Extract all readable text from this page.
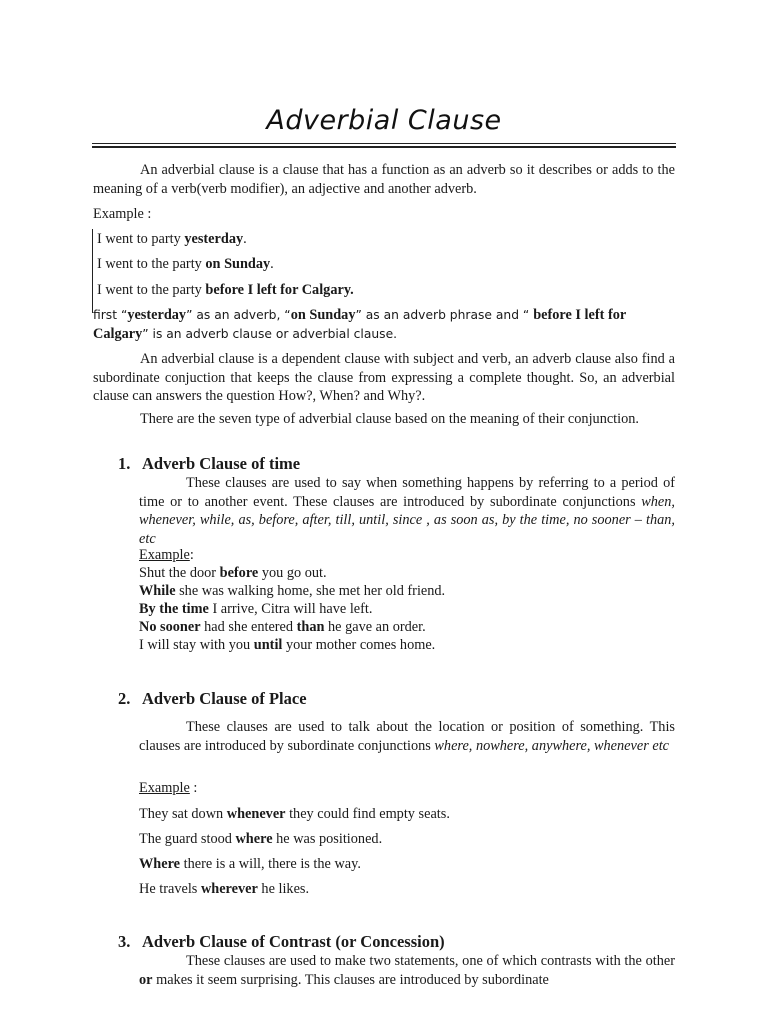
Adverbial Clause
An adverbial clause is a clause that has a function as an adverb so it describes or adds to the meaning of a verb(verb modifier), an adjective and another adverb.
Example :
I went to party yesterday.
I went to the party on Sunday.
I went to the party before I left for Calgary.
first “yesterday” as an adverb, “on Sunday” as an adverb phrase and “ before I left for Calgary” is an adverb clause or adverbial clause.
An adverbial clause is a dependent clause with subject and verb, an adverb clause also find a subordinate conjuction that keeps the clause from expressing a complete thought. So, an adverbial clause can answers the question How?, When? and Why?.
There are the seven type of adverbial clause based on the meaning of their conjunction.
1. Adverb Clause of time
These clauses are used to say when something happens by referring to a period of time or to another event. These clauses are introduced by subordinate conjunctions when, whenever, while, as, before, after, till, until, since , as soon as, by the time, no sooner – than, etc
Example:
Shut the door before you go out.
While she was walking home, she met her old friend.
By the time I arrive, Citra will have left.
No sooner had she entered than he gave an order.
I will stay with you until your mother comes home.
2. Adverb Clause of Place
These clauses are used to talk about the location or position of something. This clauses are introduced by subordinate conjunctions where, nowhere, anywhere, whenever etc
Example :
They sat down whenever they could find empty seats.
The guard stood where he was positioned.
Where there is a will, there is the way.
He travels wherever he likes.
3. Adverb Clause of Contrast (or Concession)
These clauses are used to make two statements, one of which contrasts with the other or makes it seem surprising. This clauses are introduced by subordinate
